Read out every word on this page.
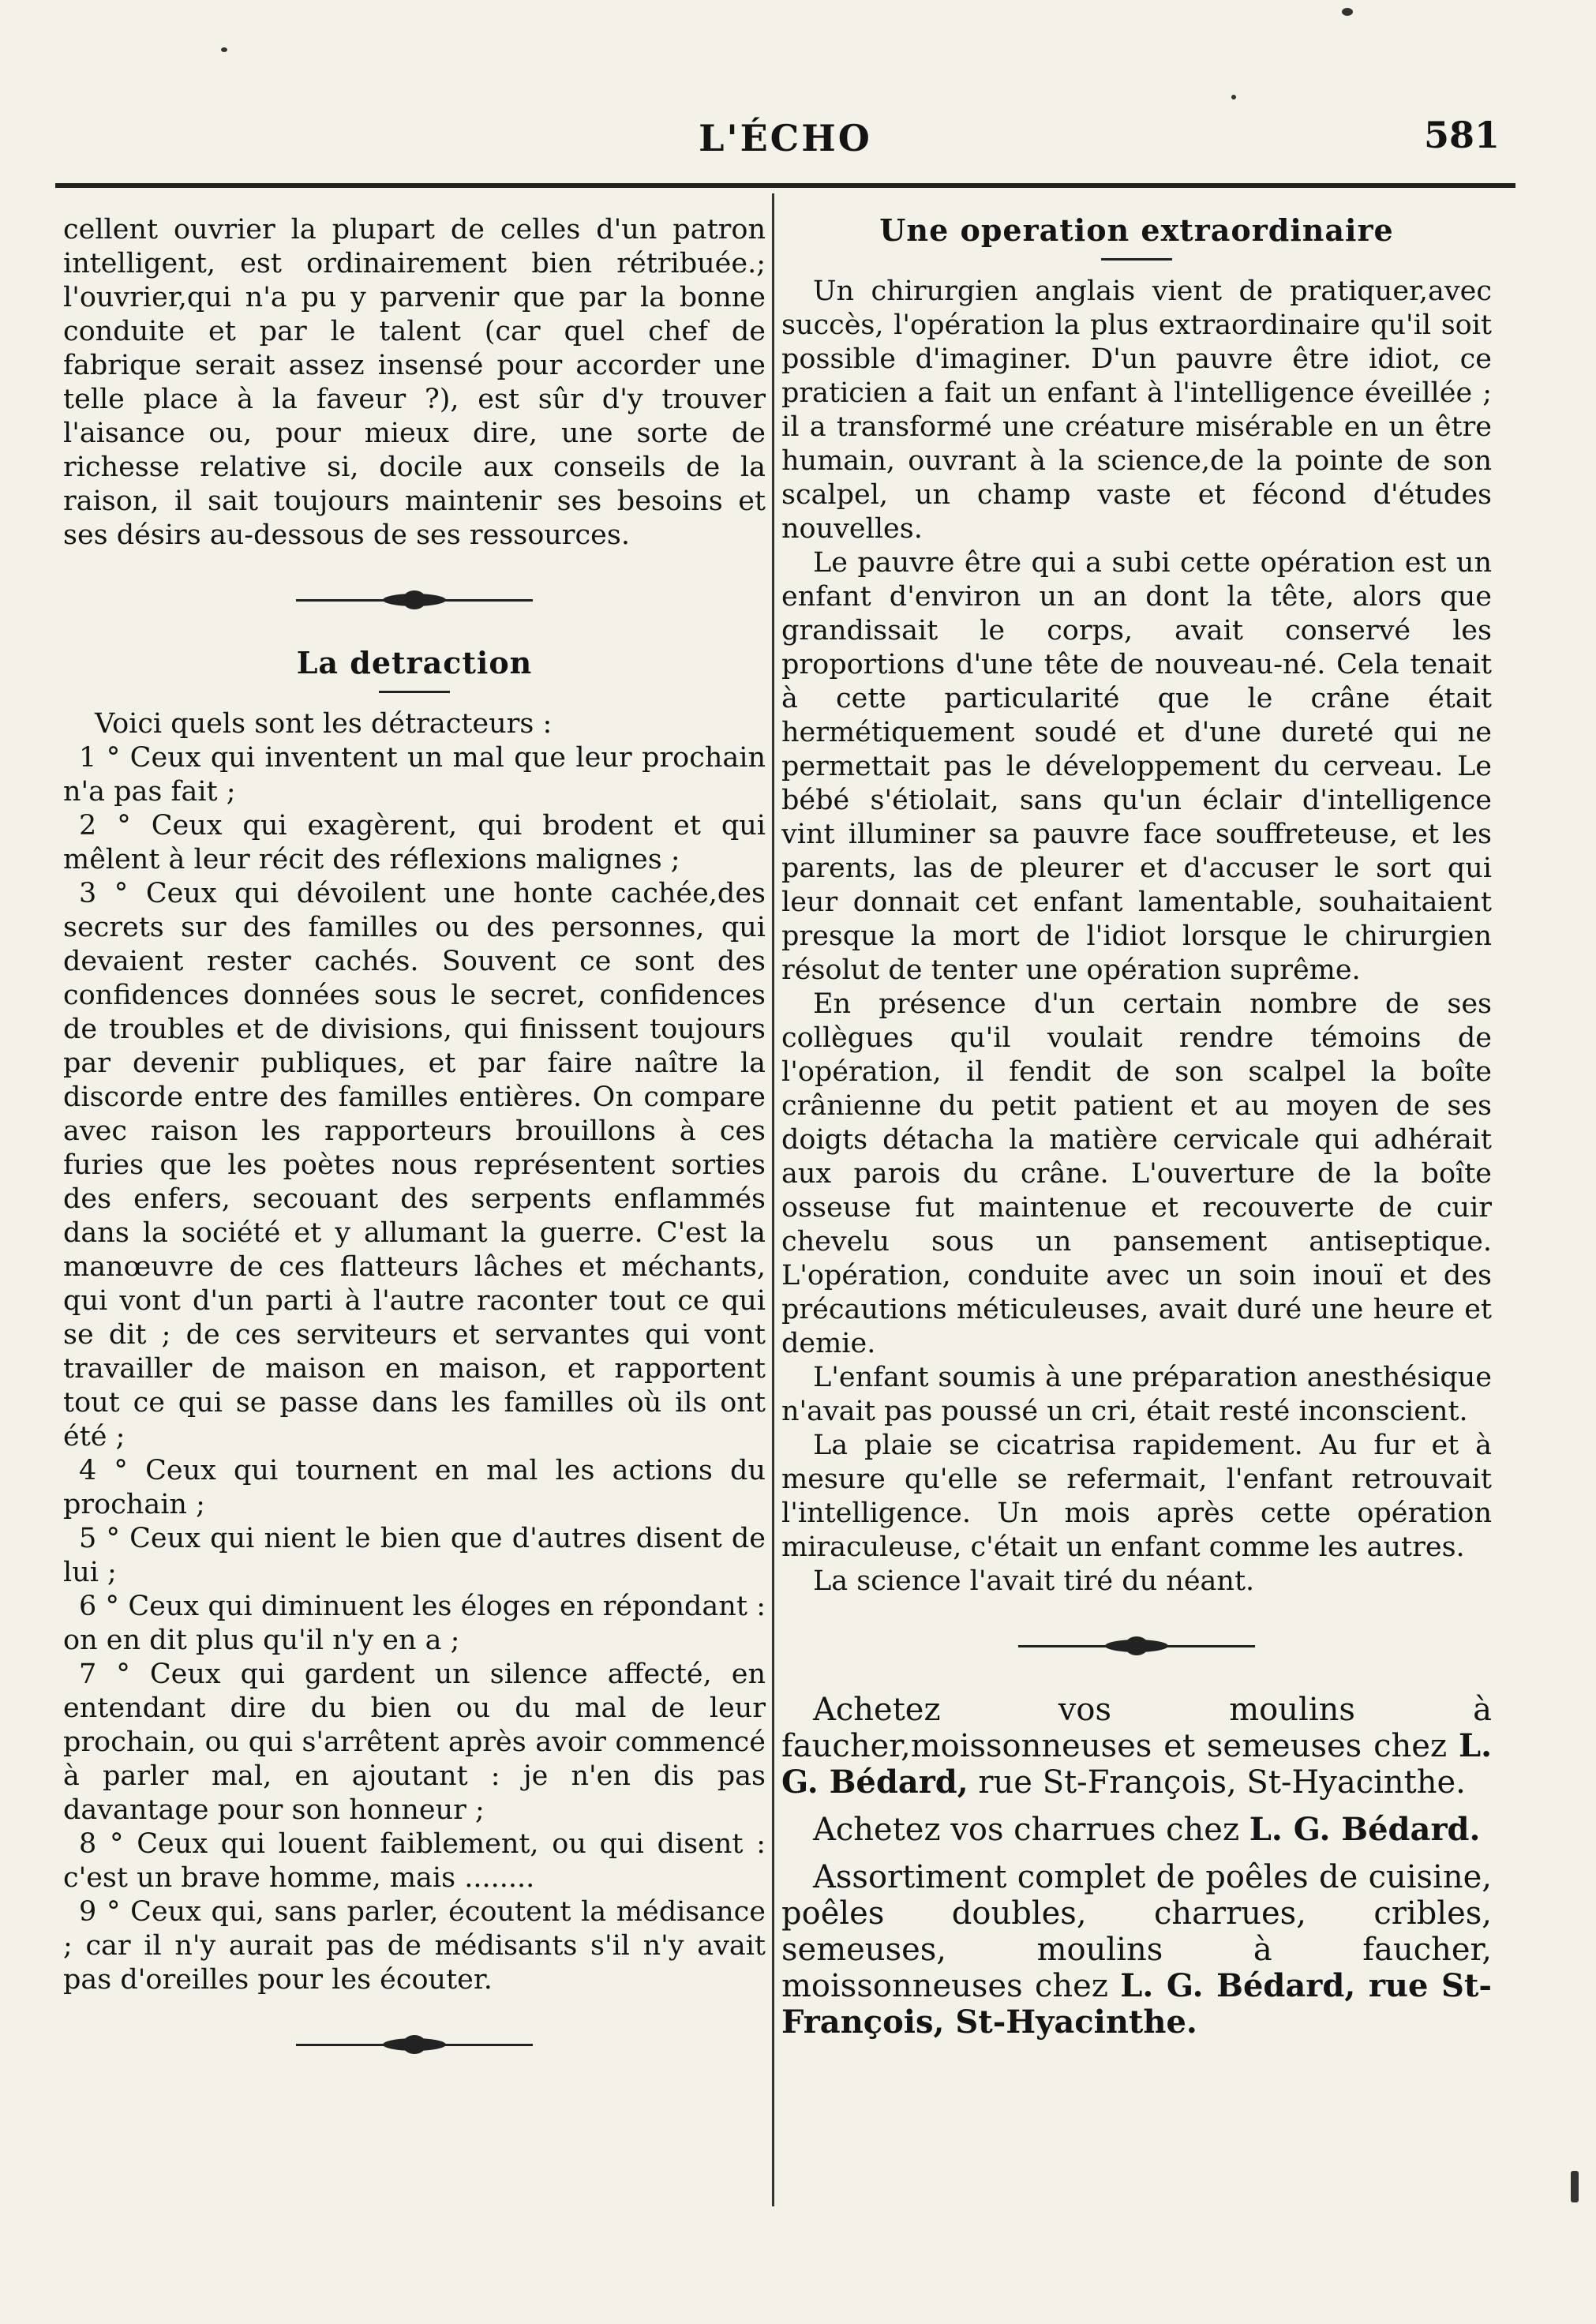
L'ÉCHO	581

cellent ouvrier la plupart de celles d'un patron intelligent, est ordinairement bien rétribuée.; l'ouvrier,qui n'a pu y parvenir que par la bonne conduite et par le talent (car quel chef de fabrique serait assez insensé pour accorder une telle place à la faveur ?), est sûr d'y trouver l'aisance ou, pour mieux dire, une sorte de richesse relative si, docile aux conseils de la raison, il sait toujours maintenir ses besoins et ses désirs au-dessous de ses ressources.

La detraction

Voici quels sont les détracteurs :

1 ° Ceux qui inventent un mal que leur prochain n'a pas fait ;

2 ° Ceux qui exagèrent, qui brodent et qui mêlent à leur récit des réflexions malignes ;

3 ° Ceux qui dévoilent une honte cachée,des secrets sur des familles ou des personnes, qui devaient rester cachés. Souvent ce sont des confidences données sous le secret, confidences de troubles et de divisions, qui finissent toujours par devenir publiques, et par faire naître la discorde entre des familles entières. On compare avec raison les rapporteurs brouillons à ces furies que les poètes nous représentent sorties des enfers, secouant des serpents enflammés dans la société et y allumant la guerre. C'est la manœuvre de ces flatteurs lâches et méchants, qui vont d'un parti à l'autre raconter tout ce qui se dit ; de ces serviteurs et servantes qui vont travailler de maison en maison, et rapportent tout ce qui se passe dans les familles où ils ont été ;

4 ° Ceux qui tournent en mal les actions du prochain ;

5 ° Ceux qui nient le bien que d'autres disent de lui ;

6 ° Ceux qui diminuent les éloges en répondant : on en dit plus qu'il n'y en a ;

7 ° Ceux qui gardent un silence affecté, en entendant dire du bien ou du mal de leur prochain, ou qui s'arrêtent après avoir commencé à parler mal, en ajoutant : je n'en dis pas davantage pour son honneur ;

8 ° Ceux qui louent faiblement, ou qui disent : c'est un brave homme, mais ........

9 ° Ceux qui, sans parler, écoutent la médisance ; car il n'y aurait pas de médisants s'il n'y avait pas d'oreilles pour les écouter.

Une operation extraordinaire

Un chirurgien anglais vient de pratiquer,avec succès, l'opération la plus extraordinaire qu'il soit possible d'imaginer. D'un pauvre être idiot, ce praticien a fait un enfant à l'intelligence éveillée ; il a transformé une créature misérable en un être humain, ouvrant à la science,de la pointe de son scalpel, un champ vaste et fécond d'études nouvelles.

Le pauvre être qui a subi cette opération est un enfant d'environ un an dont la tête, alors que grandissait le corps, avait conservé les proportions d'une tête de nouveau-né. Cela tenait à cette particularité que le crâne était hermétiquement soudé et d'une dureté qui ne permettait pas le développement du cerveau. Le bébé s'étiolait, sans qu'un éclair d'intelligence vint illuminer sa pauvre face souffreteuse, et les parents, las de pleurer et d'accuser le sort qui leur donnait cet enfant lamentable, souhaitaient presque la mort de l'idiot lorsque le chirurgien résolut de tenter une opération suprême.

En présence d'un certain nombre de ses collègues qu'il voulait rendre témoins de l'opération, il fendit de son scalpel la boîte crânienne du petit patient et au moyen de ses doigts détacha la matière cervicale qui adhérait aux parois du crâne. L'ouverture de la boîte osseuse fut maintenue et recouverte de cuir chevelu sous un pansement antiseptique. L'opération, conduite avec un soin inouï et des précautions méticuleuses, avait duré une heure et demie.

L'enfant soumis à une préparation anesthésique n'avait pas poussé un cri, était resté inconscient.

La plaie se cicatrisa rapidement. Au fur et à mesure qu'elle se refermait, l'enfant retrouvait l'intelligence. Un mois après cette opération miraculeuse, c'était un enfant comme les autres.

La science l'avait tiré du néant.

Achetez vos moulins à faucher,moissonneuses et semeuses chez L. G. Bédard, rue St-François, St-Hyacinthe.

Achetez vos charrues chez L. G. Bédard.

Assortiment complet de poêles de cuisine, poêles doubles, charrues, cribles, semeuses, moulins à faucher, moissonneuses chez L. G. Bédard, rue St-François, St-Hyacinthe.
